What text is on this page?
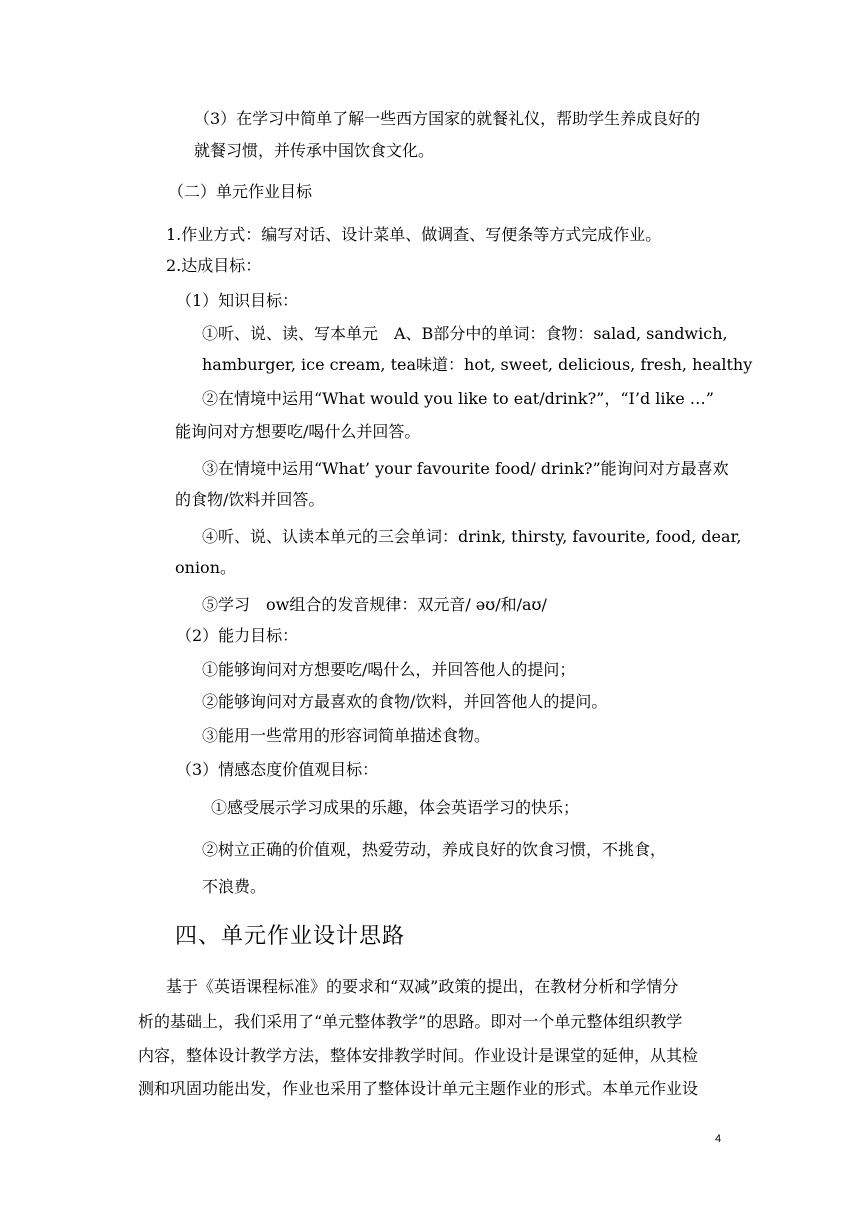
（3）在学习中简单了解一些西方国家的就餐礼仪，帮助学生养成良好的
就餐习惯，并传承中国饮食文化。
（二）单元作业目标
1.作业方式：编写对话、设计菜单、做调查、写便条等方式完成作业。
2.达成目标：
（1）知识目标：
①听、说、读、写本单元　A、B部分中的单词：食物：salad, sandwich,
hamburger, ice cream, tea味道：hot, sweet, delicious, fresh, healthy
②在情境中运用“What would you like to eat/drink?”，“I’d like …”
能询问对方想要吃/喝什么并回答。
③在情境中运用“What’ your favourite food/ drink?”能询问对方最喜欢
的食物/饮料并回答。
④听、说、认读本单元的三会单词：drink, thirsty, favourite, food, dear,
onion。
⑤学习　ow组合的发音规律：双元音/ əʊ/和/aʊ/
（2）能力目标：
①能够询问对方想要吃/喝什么，并回答他人的提问；
②能够询问对方最喜欢的食物/饮料，并回答他人的提问。
③能用一些常用的形容词简单描述食物。
（3）情感态度价值观目标：
①感受展示学习成果的乐趣，体会英语学习的快乐；
②树立正确的价值观，热爱劳动，养成良好的饮食习惯，不挑食，
不浪费。
四、单元作业设计思路
基于《英语课程标准》的要求和“双减”政策的提出，在教材分析和学情分
析的基础上，我们采用了“单元整体教学”的思路。即对一个单元整体组织教学
内容，整体设计教学方法，整体安排教学时间。作业设计是课堂的延伸，从其检
测和巩固功能出发，作业也采用了整体设计单元主题作业的形式。本单元作业设
4
